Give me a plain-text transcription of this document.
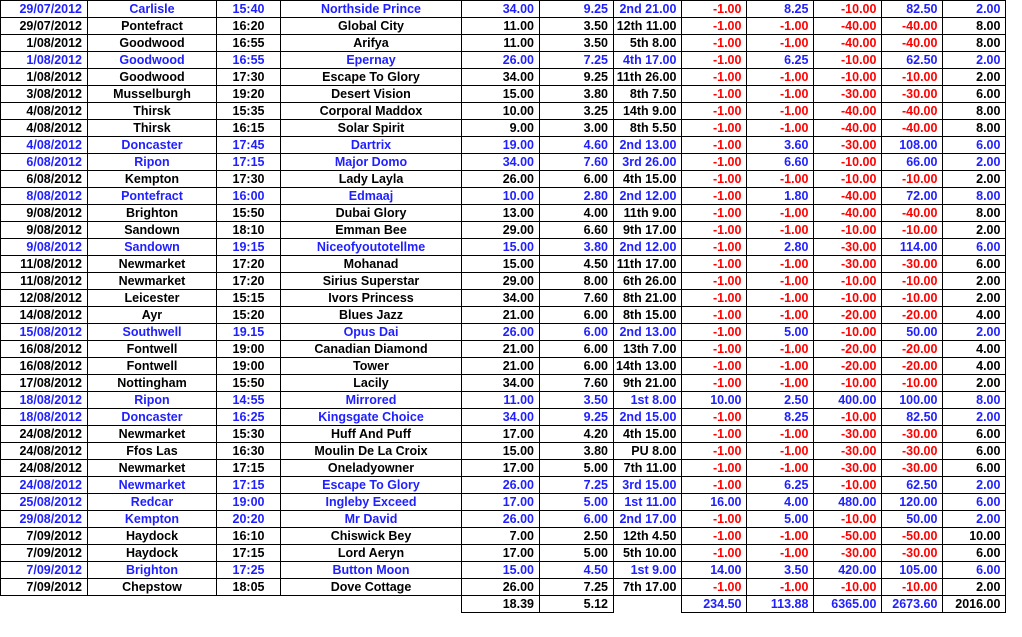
29/07/2012	Carlisle	15:40	Northside Prince	34.00	9.25	2nd 21.00	-1.00	8.25	-10.00	82.50	2.00
29/07/2012	Pontefract	16:20	Global City	11.00	3.50	12th 11.00	-1.00	-1.00	-40.00	-40.00	8.00
1/08/2012	Goodwood	16:55	Arifya	11.00	3.50	5th 8.00	-1.00	-1.00	-40.00	-40.00	8.00
1/08/2012	Goodwood	16:55	Epernay	26.00	7.25	4th 17.00	-1.00	6.25	-10.00	62.50	2.00
1/08/2012	Goodwood	17:30	Escape To Glory	34.00	9.25	11th 26.00	-1.00	-1.00	-10.00	-10.00	2.00
3/08/2012	Musselburgh	19:20	Desert Vision	15.00	3.80	8th 7.50	-1.00	-1.00	-30.00	-30.00	6.00
4/08/2012	Thirsk	15:35	Corporal Maddox	10.00	3.25	14th 9.00	-1.00	-1.00	-40.00	-40.00	8.00
4/08/2012	Thirsk	16:15	Solar Spirit	9.00	3.00	8th 5.50	-1.00	-1.00	-40.00	-40.00	8.00
4/08/2012	Doncaster	17:45	Dartrix	19.00	4.60	2nd 13.00	-1.00	3.60	-30.00	108.00	6.00
6/08/2012	Ripon	17:15	Major Domo	34.00	7.60	3rd 26.00	-1.00	6.60	-10.00	66.00	2.00
6/08/2012	Kempton	17:30	Lady Layla	26.00	6.00	4th 15.00	-1.00	-1.00	-10.00	-10.00	2.00
8/08/2012	Pontefract	16:00	Edmaaj	10.00	2.80	2nd 12.00	-1.00	1.80	-40.00	72.00	8.00
9/08/2012	Brighton	15:50	Dubai Glory	13.00	4.00	11th 9.00	-1.00	-1.00	-40.00	-40.00	8.00
9/08/2012	Sandown	18:10	Emman Bee	29.00	6.60	9th 17.00	-1.00	-1.00	-10.00	-10.00	2.00
9/08/2012	Sandown	19:15	Niceofyoutotellme	15.00	3.80	2nd 12.00	-1.00	2.80	-30.00	114.00	6.00
11/08/2012	Newmarket	17:20	Mohanad	15.00	4.50	11th 17.00	-1.00	-1.00	-30.00	-30.00	6.00
11/08/2012	Newmarket	17:20	Sirius Superstar	29.00	8.00	6th 26.00	-1.00	-1.00	-10.00	-10.00	2.00
12/08/2012	Leicester	15:15	Ivors Princess	34.00	7.60	8th 21.00	-1.00	-1.00	-10.00	-10.00	2.00
14/08/2012	Ayr	15:20	Blues Jazz	21.00	6.00	8th 15.00	-1.00	-1.00	-20.00	-20.00	4.00
15/08/2012	Southwell	19.15	Opus Dai	26.00	6.00	2nd 13.00	-1.00	5.00	-10.00	50.00	2.00
16/08/2012	Fontwell	19:00	Canadian Diamond	21.00	6.00	13th 7.00	-1.00	-1.00	-20.00	-20.00	4.00
16/08/2012	Fontwell	19:00	Tower	21.00	6.00	14th 13.00	-1.00	-1.00	-20.00	-20.00	4.00
17/08/2012	Nottingham	15:50	Lacily	34.00	7.60	9th 21.00	-1.00	-1.00	-10.00	-10.00	2.00
18/08/2012	Ripon	14:55	Mirrored	11.00	3.50	1st 8.00	10.00	2.50	400.00	100.00	8.00
18/08/2012	Doncaster	16:25	Kingsgate Choice	34.00	9.25	2nd 15.00	-1.00	8.25	-10.00	82.50	2.00
24/08/2012	Newmarket	15:30	Huff And Puff	17.00	4.20	4th 15.00	-1.00	-1.00	-30.00	-30.00	6.00
24/08/2012	Ffos Las	16:30	Moulin De La Croix	15.00	3.80	PU 8.00	-1.00	-1.00	-30.00	-30.00	6.00
24/08/2012	Newmarket	17:15	Oneladyowner	17.00	5.00	7th 11.00	-1.00	-1.00	-30.00	-30.00	6.00
24/08/2012	Newmarket	17:15	Escape To Glory	26.00	7.25	3rd 15.00	-1.00	6.25	-10.00	62.50	2.00
25/08/2012	Redcar	19:00	Ingleby Exceed	17.00	5.00	1st 11.00	16.00	4.00	480.00	120.00	6.00
29/08/2012	Kempton	20:20	Mr David	26.00	6.00	2nd 17.00	-1.00	5.00	-10.00	50.00	2.00
7/09/2012	Haydock	16:10	Chiswick Bey	7.00	2.50	12th 4.50	-1.00	-1.00	-50.00	-50.00	10.00
7/09/2012	Haydock	17:15	Lord Aeryn	17.00	5.00	5th 10.00	-1.00	-1.00	-30.00	-30.00	6.00
7/09/2012	Brighton	17:25	Button Moon	15.00	4.50	1st 9.00	14.00	3.50	420.00	105.00	6.00
7/09/2012	Chepstow	18:05	Dove Cottage	26.00	7.25	7th 17.00	-1.00	-1.00	-10.00	-10.00	2.00
				18.39	5.12		234.50	113.88	6365.00	2673.60	2016.00
